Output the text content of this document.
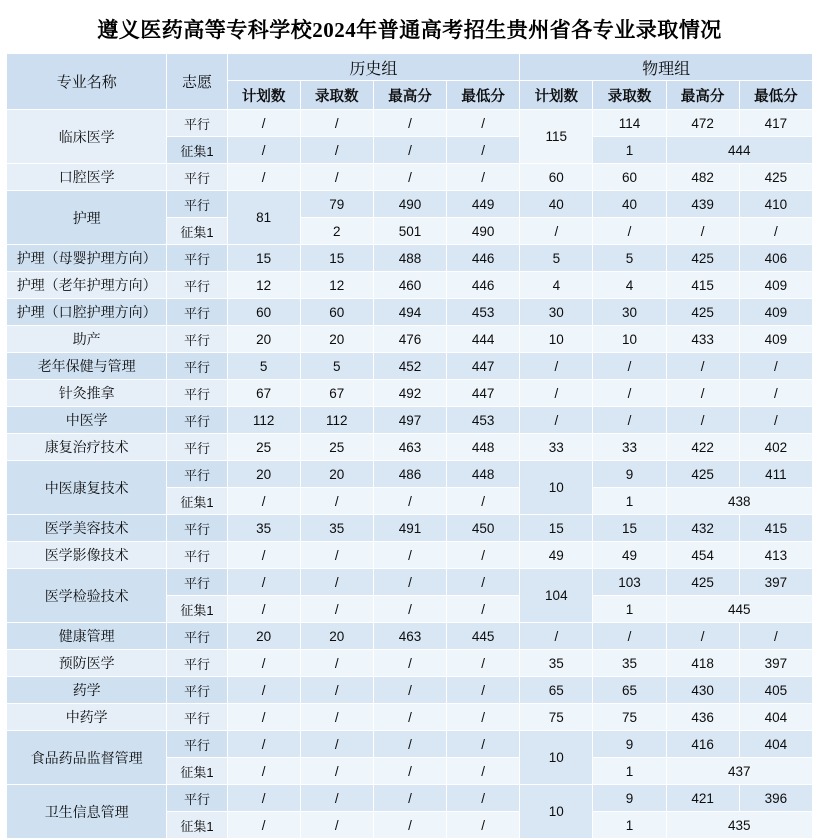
遵义医药高等专科学校2024年普通高考招生贵州省各专业录取情况
专业名称	志愿	历史组				物理组			
		计划数	录取数	最高分	最低分	计划数	录取数	最高分	最低分
临床医学	平行	/	/	/	/	115	114	472	417
	征集1	/	/	/	/		1	444	
口腔医学	平行	/	/	/	/	60	60	482	425
护理	平行	81	79	490	449	40	40	439	410
	征集1		2	501	490	/	/	/	/
护理（母婴护理方向）	平行	15	15	488	446	5	5	425	406
护理（老年护理方向）	平行	12	12	460	446	4	4	415	409
护理（口腔护理方向）	平行	60	60	494	453	30	30	425	409
助产	平行	20	20	476	444	10	10	433	409
老年保健与管理	平行	5	5	452	447	/	/	/	/
针灸推拿	平行	67	67	492	447	/	/	/	/
中医学	平行	112	112	497	453	/	/	/	/
康复治疗技术	平行	25	25	463	448	33	33	422	402
中医康复技术	平行	20	20	486	448	10	9	425	411
	征集1	/	/	/	/		1	438	
医学美容技术	平行	35	35	491	450	15	15	432	415
医学影像技术	平行	/	/	/	/	49	49	454	413
医学检验技术	平行	/	/	/	/	104	103	425	397
	征集1	/	/	/	/		1	445	
健康管理	平行	20	20	463	445	/	/	/	/
预防医学	平行	/	/	/	/	35	35	418	397
药学	平行	/	/	/	/	65	65	430	405
中药学	平行	/	/	/	/	75	75	436	404
食品药品监督管理	平行	/	/	/	/	10	9	416	404
	征集1	/	/	/	/		1	437	
卫生信息管理	平行	/	/	/	/	10	9	421	396
	征集1	/	/	/	/		1	435	
